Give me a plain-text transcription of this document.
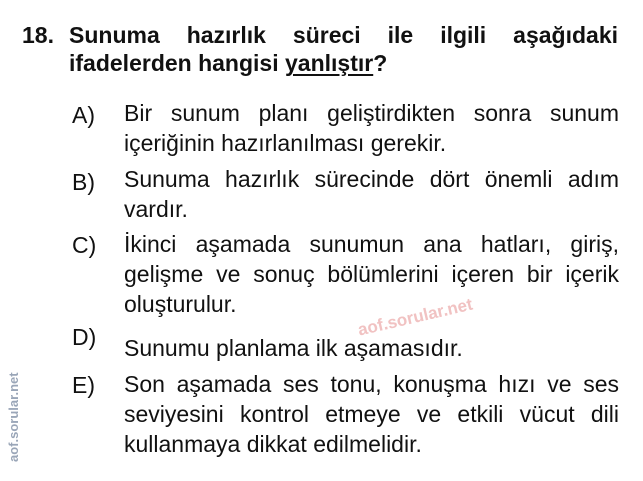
18. Sunuma hazırlık süreci ile ilgili aşağıdaki ifadelerden hangisi yanlıştır?
A) Bir sunum planı geliştirdikten sonra sunum içeriğinin hazırlanılması gerekir.
B) Sunuma hazırlık sürecinde dört önemli adım vardır.
C) İkinci aşamada sunumun ana hatları, giriş, gelişme ve sonuç bölümlerini içeren bir içerik oluşturulur.
D) Sunumu planlama ilk aşamasıdır.
E) Son aşamada ses tonu, konuşma hızı ve ses seviyesini kontrol etmeye ve etkili vücut dili kullanmaya dikkat edilmelidir.
aof.sorular.net
aof.sorular.net
